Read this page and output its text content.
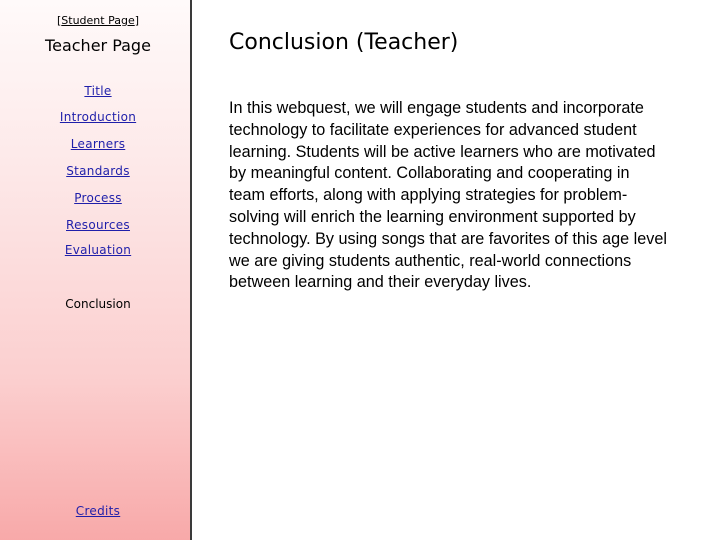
[Student Page]
Teacher Page
Title
Introduction
Learners
Standards
Process
Resources
Evaluation
Conclusion
Credits
Conclusion (Teacher)
In this webquest, we will engage students and incorporate technology to facilitate experiences for advanced student learning. Students will be active learners who are motivated by meaningful content. Collaborating and cooperating in team efforts, along with applying strategies for problem-solving will enrich the learning environment supported by technology. By using songs that are favorites of this age level we are giving students authentic, real-world connections between learning and their everyday lives.
